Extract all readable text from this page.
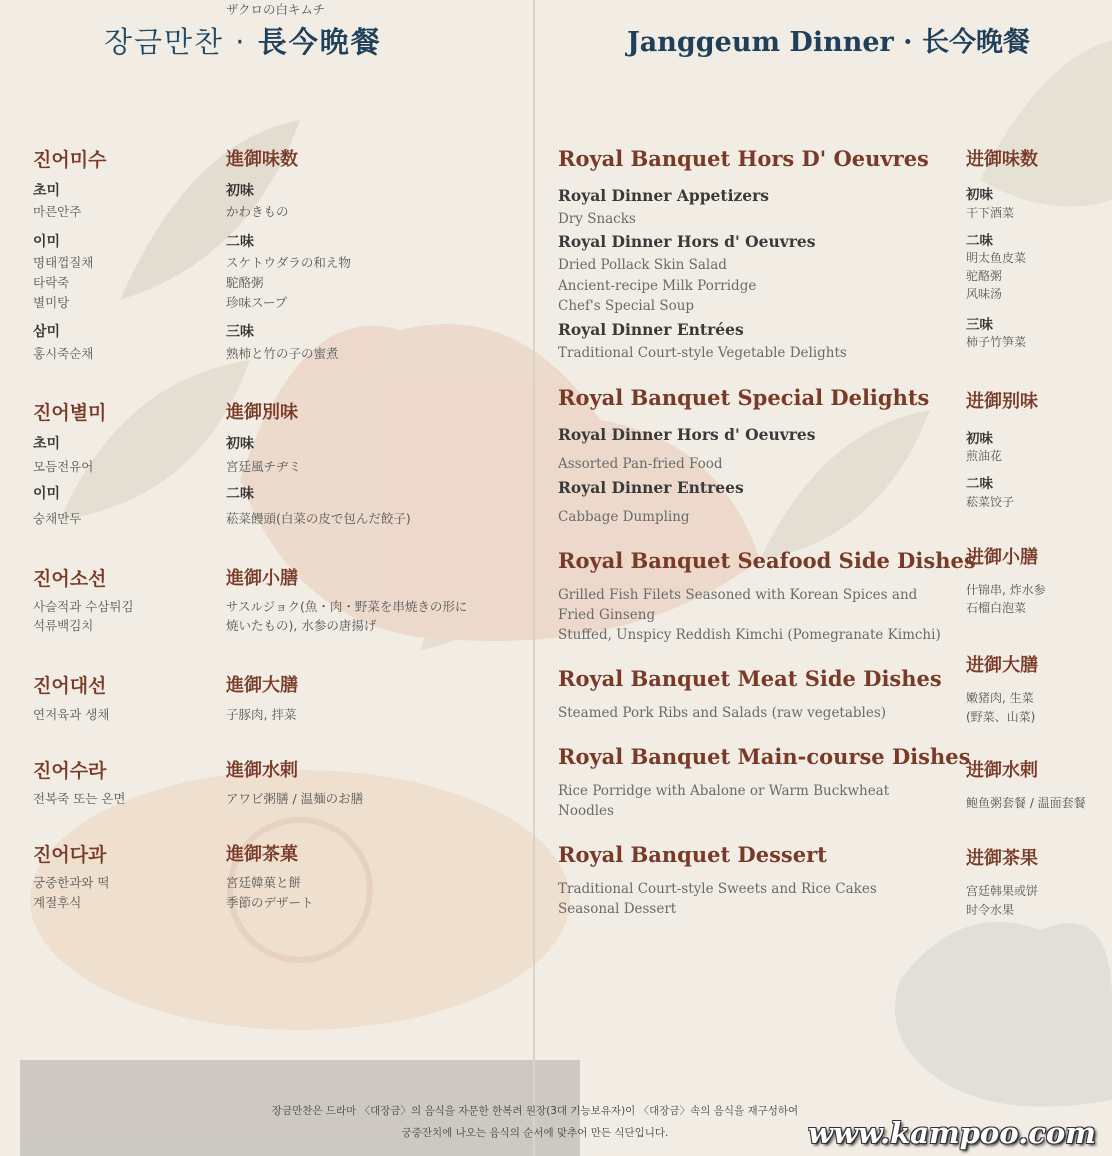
장금만찬 · 長今晩餐	Janggeum Dinner · 长今晚餐
진어미수
초미
마른안주
이미
명태껍질채
타락죽
별미탕
삼미
홍시죽순채
진어별미
초미
모듬전유어
이미
숭채만두
진어소선
사슬적과 수삼튀김
석류백김치
진어대선
연저육과 생채
진어수라
전복죽 또는 온면
진어다과
궁중한과와 떡
계절후식
進御味数
初味
かわきもの
二味
スケトウダラの和え物
駝酪粥
珍味スープ
三味
熟柿と竹の子の蜜煮
進御別味
初味
宮廷風チヂミ
二味
菘菜饅頭(白菜の皮で包んだ餃子)
進御小膳
サスルジョク(魚・肉・野菜を串焼きの形に
焼いたもの), 水参の唐揚げ
ザクロの白キムチ
進御大膳
子豚肉, 拌菜
進御水剌
アワビ粥膳 / 温麺のお膳
進御茶菓
宮廷韓菓と餅
季節のデザート
Royal Banquet Hors D' Oeuvres
Royal Dinner Appetizers
Dry Snacks
Royal Dinner Hors d' Oeuvres
Dried Pollack Skin Salad
Ancient-recipe Milk Porridge
Chef's Special Soup
Royal Dinner Entrées
Traditional Court-style Vegetable Delights
Royal Banquet Special Delights
Royal Dinner Hors d' Oeuvres
Assorted Pan-fried Food
Royal Dinner Entrees
Cabbage Dumpling
Royal Banquet Seafood Side Dishes
Grilled Fish Filets Seasoned with Korean Spices and
Fried Ginseng
Stuffed, Unspicy Reddish Kimchi (Pomegranate Kimchi)
Royal Banquet Meat Side Dishes
Steamed Pork Ribs and Salads (raw vegetables)
Royal Banquet Main-course Dishes
Rice Porridge with Abalone or Warm Buckwheat
Noodles
Royal Banquet Dessert
Traditional Court-style Sweets and Rice Cakes
Seasonal Dessert
进御味数
初味
干下酒菜
二味
明太鱼皮菜
驼酪粥
风味汤
三味
柿子竹笋菜
进御别味
初味
煎油花
二味
菘菜饺子
进御小膳
什锦串, 炸水参
石榴白泡菜
进御大膳
嫩猪肉, 生菜
(野菜、山菜)
进御水剌
鲍鱼粥套餐 / 温面套餐
进御茶果
宫廷韩果或饼
时令水果
장금만찬은 드라마 〈대장금〉의 음식을 자문한 한복려 원장(3대 기능보유자)이 〈대장금〉속의 음식을 재구성하여
궁중잔치에 나오는 음식의 순서에 맞추어 만든 식단입니다.	www.kampoo.com
